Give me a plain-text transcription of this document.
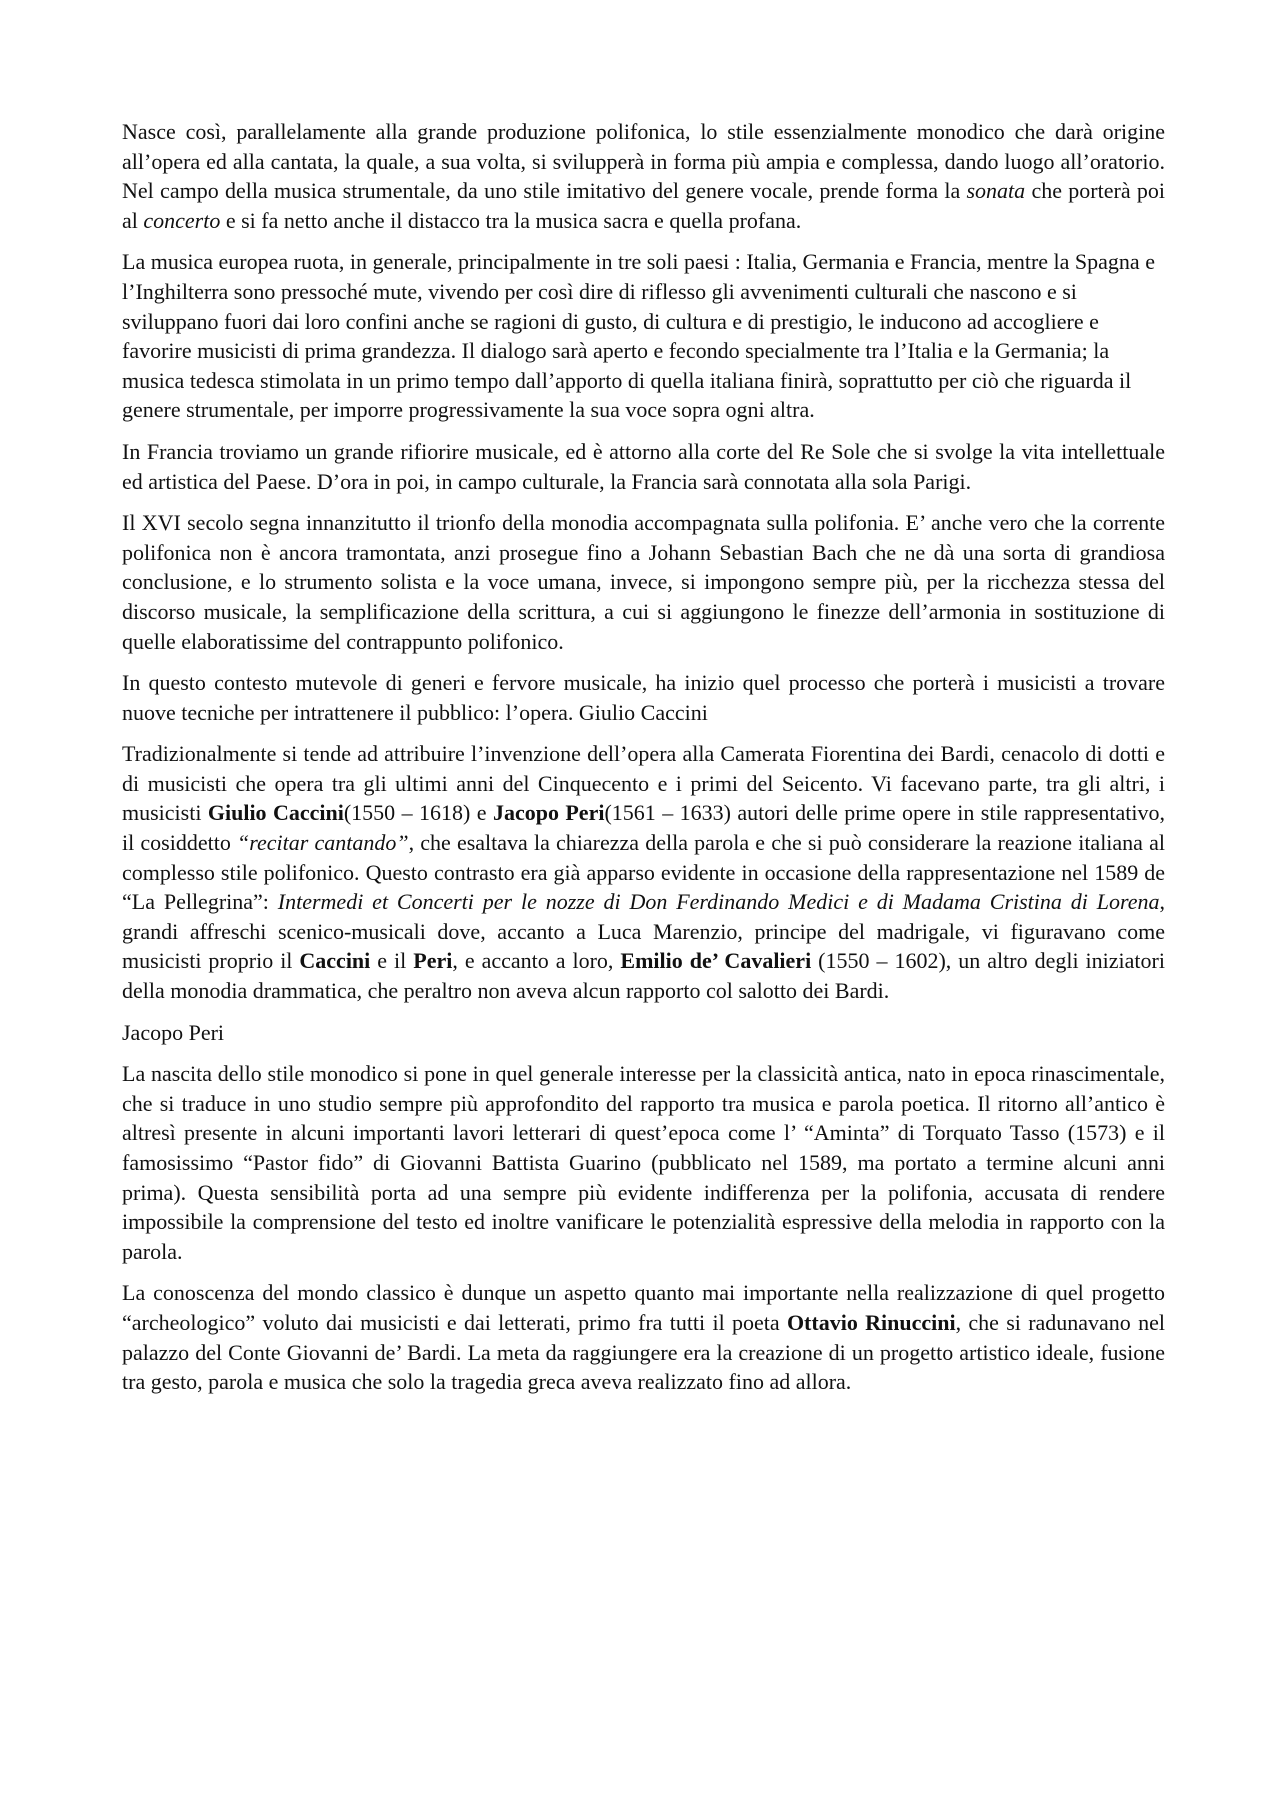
Nasce così, parallelamente alla grande produzione polifonica, lo stile essenzialmente monodico che darà origine all’opera ed alla cantata, la quale, a sua volta, si svilupperà in forma più ampia e complessa, dando luogo all’oratorio. Nel campo della musica strumentale, da uno stile imitativo del genere vocale, prende forma la sonata che porterà poi al concerto e si fa netto anche il distacco tra la musica sacra e quella profana.

La musica europea ruota, in generale, principalmente in tre soli paesi : Italia, Germania e Francia, mentre la Spagna e l’Inghilterra sono pressoché mute, vivendo per così dire di riflesso gli avvenimenti culturali che nascono e si sviluppano fuori dai loro confini anche se ragioni di gusto, di cultura e di prestigio, le inducono ad accogliere e favorire musicisti di prima grandezza. Il dialogo sarà aperto e fecondo specialmente tra l’Italia e la Germania; la musica tedesca stimolata in un primo tempo dall’apporto di quella italiana finirà, soprattutto per ciò che riguarda il genere strumentale, per imporre progressivamente la sua voce sopra ogni altra.

In Francia troviamo un grande rifiorire musicale, ed è attorno alla corte del Re Sole che si svolge la vita intellettuale ed artistica del Paese. D’ora in poi, in campo culturale, la Francia sarà connotata alla sola Parigi.

Il XVI secolo segna innanzitutto il trionfo della monodia accompagnata sulla polifonia. E’ anche vero che la corrente polifonica non è ancora tramontata, anzi prosegue fino a Johann Sebastian Bach che ne dà una sorta di grandiosa conclusione, e lo strumento solista e la voce umana, invece, si impongono sempre più, per la ricchezza stessa del discorso musicale, la semplificazione della scrittura, a cui si aggiungono le finezze dell’armonia in sostituzione di quelle elaboratissime del contrappunto polifonico.

In questo contesto mutevole di generi e fervore musicale, ha inizio quel processo che porterà i musicisti a trovare nuove tecniche per intrattenere il pubblico: l’opera. Giulio Caccini

Tradizionalmente si tende ad attribuire l’invenzione dell’opera alla Camerata Fiorentina dei Bardi, cenacolo di dotti e di musicisti che opera tra gli ultimi anni del Cinquecento e i primi del Seicento. Vi facevano parte, tra gli altri, i musicisti Giulio Caccini(1550 – 1618) e Jacopo Peri(1561 – 1633) autori delle prime opere in stile rappresentativo, il cosiddetto “recitar cantando”, che esaltava la chiarezza della parola e che si può considerare la reazione italiana al complesso stile polifonico. Questo contrasto era già apparso evidente in occasione della rappresentazione nel 1589 de “La Pellegrina”: Intermedi et Concerti per le nozze di Don Ferdinando Medici e di Madama Cristina di Lorena, grandi affreschi scenico-musicali dove, accanto a Luca Marenzio, principe del madrigale, vi figuravano come musicisti proprio il Caccini e il Peri, e accanto a loro, Emilio de’ Cavalieri (1550 – 1602), un altro degli iniziatori della monodia drammatica, che peraltro non aveva alcun rapporto col salotto dei Bardi.

Jacopo Peri

La nascita dello stile monodico si pone in quel generale interesse per la classicità antica, nato in epoca rinascimentale, che si traduce in uno studio sempre più approfondito del rapporto tra musica e parola poetica. Il ritorno all’antico è altresì presente in alcuni importanti lavori letterari di quest’epoca come l’ “Aminta” di Torquato Tasso (1573) e il famosissimo “Pastor fido” di Giovanni Battista Guarino (pubblicato nel 1589, ma portato a termine alcuni anni prima). Questa sensibilità porta ad una sempre più evidente indifferenza per la polifonia, accusata di rendere impossibile la comprensione del testo ed inoltre vanificare le potenzialità espressive della melodia in rapporto con la parola.

La conoscenza del mondo classico è dunque un aspetto quanto mai importante nella realizzazione di quel progetto “archeologico” voluto dai musicisti e dai letterati, primo fra tutti il poeta Ottavio Rinuccini, che si radunavano nel palazzo del Conte Giovanni de’ Bardi. La meta da raggiungere era la creazione di un progetto artistico ideale, fusione tra gesto, parola e musica che solo la tragedia greca aveva realizzato fino ad allora.
